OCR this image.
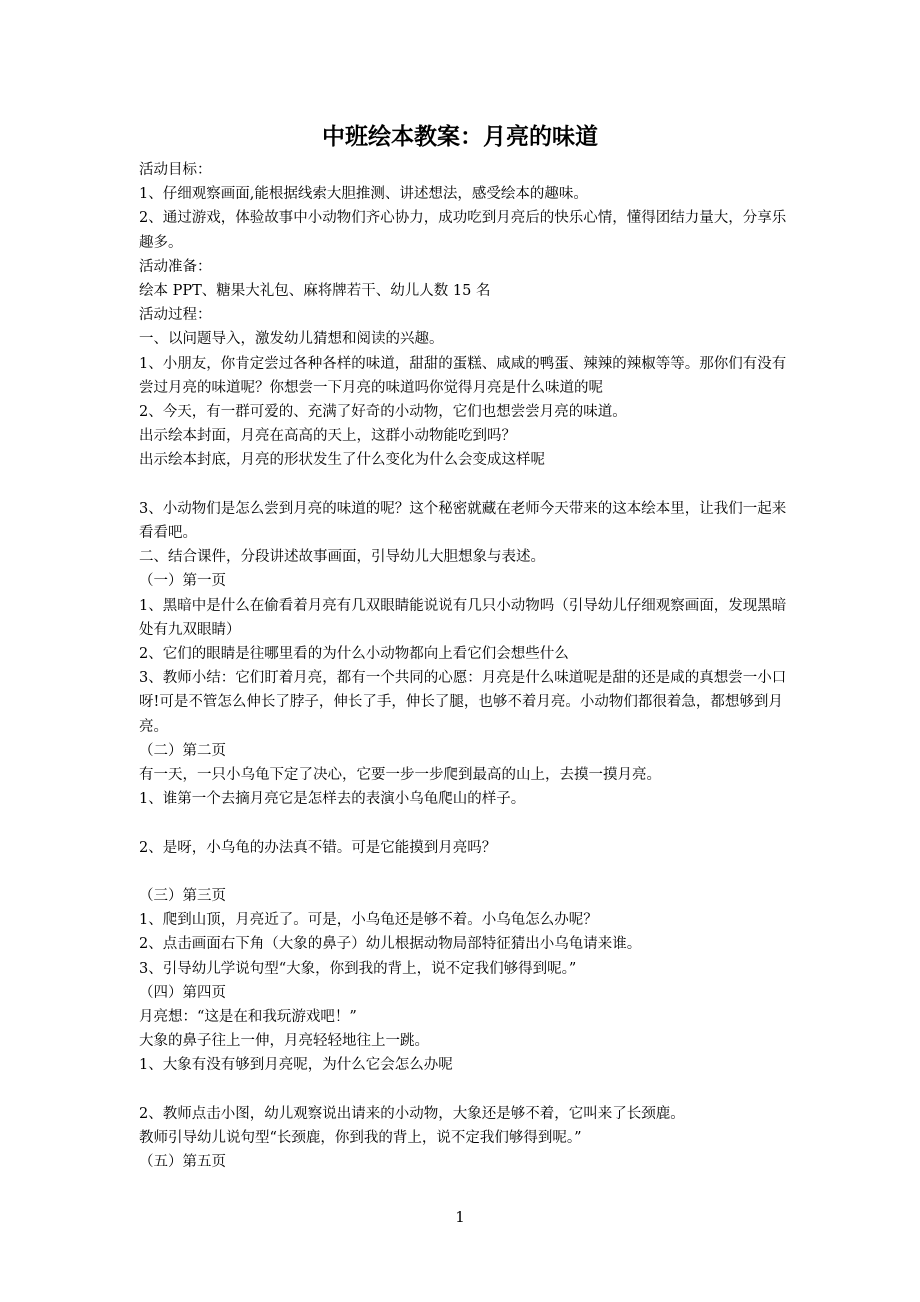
中班绘本教案：月亮的味道

活动目标：

1、仔细观察画面,能根据线索大胆推测、讲述想法，感受绘本的趣味。

2、通过游戏，体验故事中小动物们齐心协力，成功吃到月亮后的快乐心情，懂得团结力量大，分享乐趣多。

活动准备：

绘本 PPT、糖果大礼包、麻将牌若干、幼儿人数 15 名

活动过程：

一、以问题导入，激发幼儿猜想和阅读的兴趣。

1、小朋友，你肯定尝过各种各样的味道，甜甜的蛋糕、咸咸的鸭蛋、辣辣的辣椒等等。那你们有没有尝过月亮的味道呢？你想尝一下月亮的味道吗你觉得月亮是什么味道的呢

2、今天，有一群可爱的、充满了好奇的小动物，它们也想尝尝月亮的味道。

出示绘本封面，月亮在高高的天上，这群小动物能吃到吗？

出示绘本封底，月亮的形状发生了什么变化为什么会变成这样呢

3、小动物们是怎么尝到月亮的味道的呢？这个秘密就藏在老师今天带来的这本绘本里，让我们一起来看看吧。

二、结合课件，分段讲述故事画面，引导幼儿大胆想象与表述。

（一）第一页

1、黑暗中是什么在偷看着月亮有几双眼睛能说说有几只小动物吗（引导幼儿仔细观察画面，发现黑暗处有九双眼睛）

2、它们的眼睛是往哪里看的为什么小动物都向上看它们会想些什么

3、教师小结：它们盯着月亮，都有一个共同的心愿：月亮是什么味道呢是甜的还是咸的真想尝一小口呀!可是不管怎么伸长了脖子，伸长了手，伸长了腿，也够不着月亮。小动物们都很着急，都想够到月亮。

（二）第二页

有一天，一只小乌龟下定了决心，它要一步一步爬到最高的山上，去摸一摸月亮。

1、谁第一个去摘月亮它是怎样去的表演小乌龟爬山的样子。

2、是呀，小乌龟的办法真不错。可是它能摸到月亮吗？

（三）第三页

1、爬到山顶，月亮近了。可是，小乌龟还是够不着。小乌龟怎么办呢？

2、点击画面右下角（大象的鼻子）幼儿根据动物局部特征猜出小乌龟请来谁。

3、引导幼儿学说句型“大象，你到我的背上，说不定我们够得到呢。”

（四）第四页

月亮想：“这是在和我玩游戏吧！”

大象的鼻子往上一伸，月亮轻轻地往上一跳。

1、大象有没有够到月亮呢，为什么它会怎么办呢

2、教师点击小图，幼儿观察说出请来的小动物，大象还是够不着，它叫来了长颈鹿。

教师引导幼儿说句型“长颈鹿，你到我的背上，说不定我们够得到呢。”

（五）第五页

1
